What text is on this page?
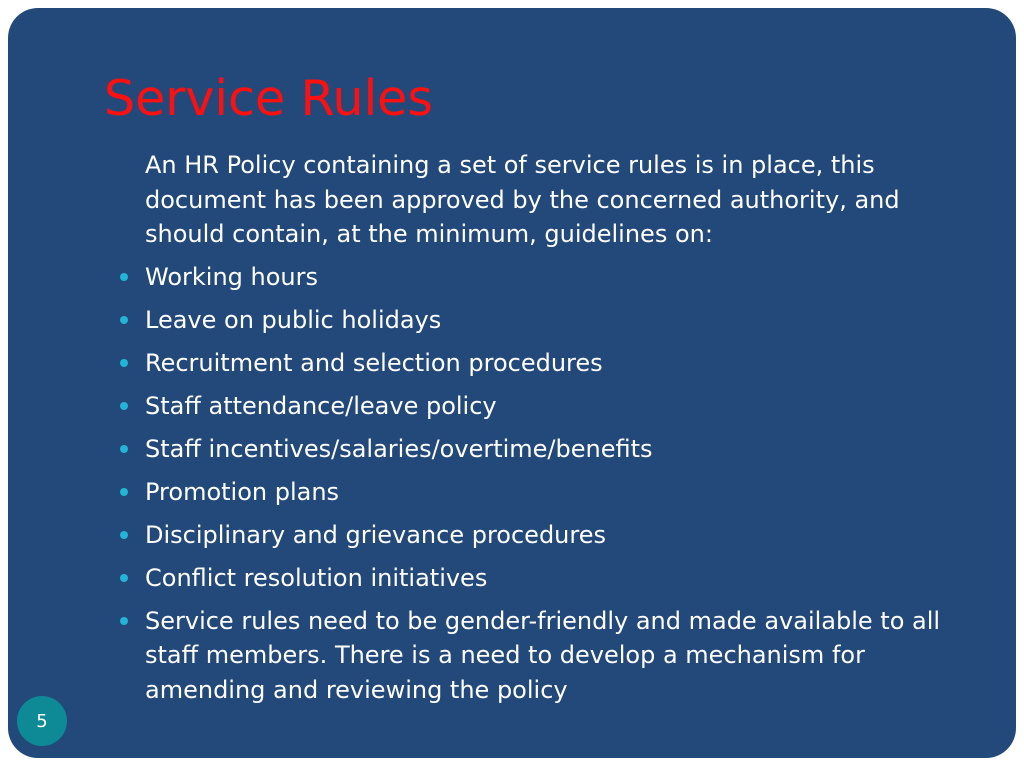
Service Rules

An HR Policy containing a set of service rules is in place, this document has been approved by the concerned authority, and should contain, at the minimum, guidelines on:

Working hours
Leave on public holidays
Recruitment and selection procedures
Staff attendance/leave policy
Staff incentives/salaries/overtime/benefits
Promotion plans
Disciplinary and grievance procedures
Conflict resolution initiatives
Service rules need to be gender-friendly and made available to all staff members. There is a need to develop a mechanism for amending and reviewing the policy
5
